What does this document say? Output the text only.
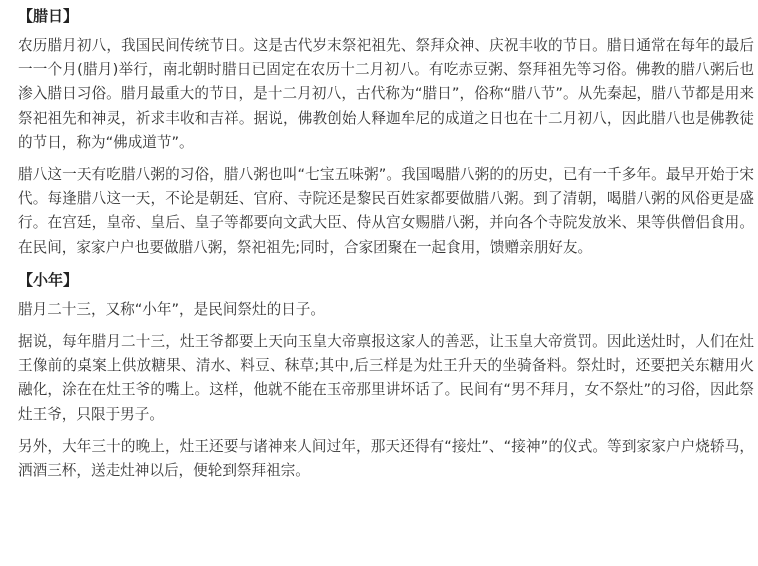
【腊日】

农历腊月初八，我国民间传统节日。这是古代岁末祭祀祖先、祭拜众神、庆祝丰收的节日。腊日通常在每年的最后一一个月(腊月)举行，南北朝时腊日已固定在农历十二月初八。有吃赤豆粥、祭拜祖先等习俗。佛教的腊八粥后也渗入腊日习俗。腊月最重大的节日，是十二月初八，古代称为“腊日”，俗称“腊八节”。从先秦起，腊八节都是用来祭祀祖先和神灵，祈求丰收和吉祥。据说，佛教创始人释迦牟尼的成道之日也在十二月初八，因此腊八也是佛教徒的节日，称为“佛成道节”。

腊八这一天有吃腊八粥的习俗，腊八粥也叫“七宝五味粥”。我国喝腊八粥的的历史，已有一千多年。最早开始于宋代。每逢腊八这一天，不论是朝廷、官府、寺院还是黎民百姓家都要做腊八粥。到了清朝，喝腊八粥的风俗更是盛行。在宫廷，皇帝、皇后、皇子等都要向文武大臣、侍从宫女赐腊八粥，并向各个寺院发放米、果等供僧侣食用。在民间，家家户户也要做腊八粥，祭祀祖先;同时，合家团聚在一起食用，馈赠亲朋好友。

【小年】

腊月二十三，又称“小年”，是民间祭灶的日子。

据说，每年腊月二十三，灶王爷都要上天向玉皇大帝禀报这家人的善恶，让玉皇大帝赏罚。因此送灶时，人们在灶王像前的桌案上供放糖果、清水、料豆、秣草;其中,后三样是为灶王升天的坐骑备料。祭灶时，还要把关东糖用火融化，涂在在灶王爷的嘴上。这样，他就不能在玉帝那里讲坏话了。民间有“男不拜月，女不祭灶”的习俗，因此祭灶王爷，只限于男子。

另外，大年三十的晚上，灶王还要与诸神来人间过年，那天还得有“接灶”、“接神”的仪式。等到家家户户烧轿马，洒酒三杯，送走灶神以后，便轮到祭拜祖宗。
